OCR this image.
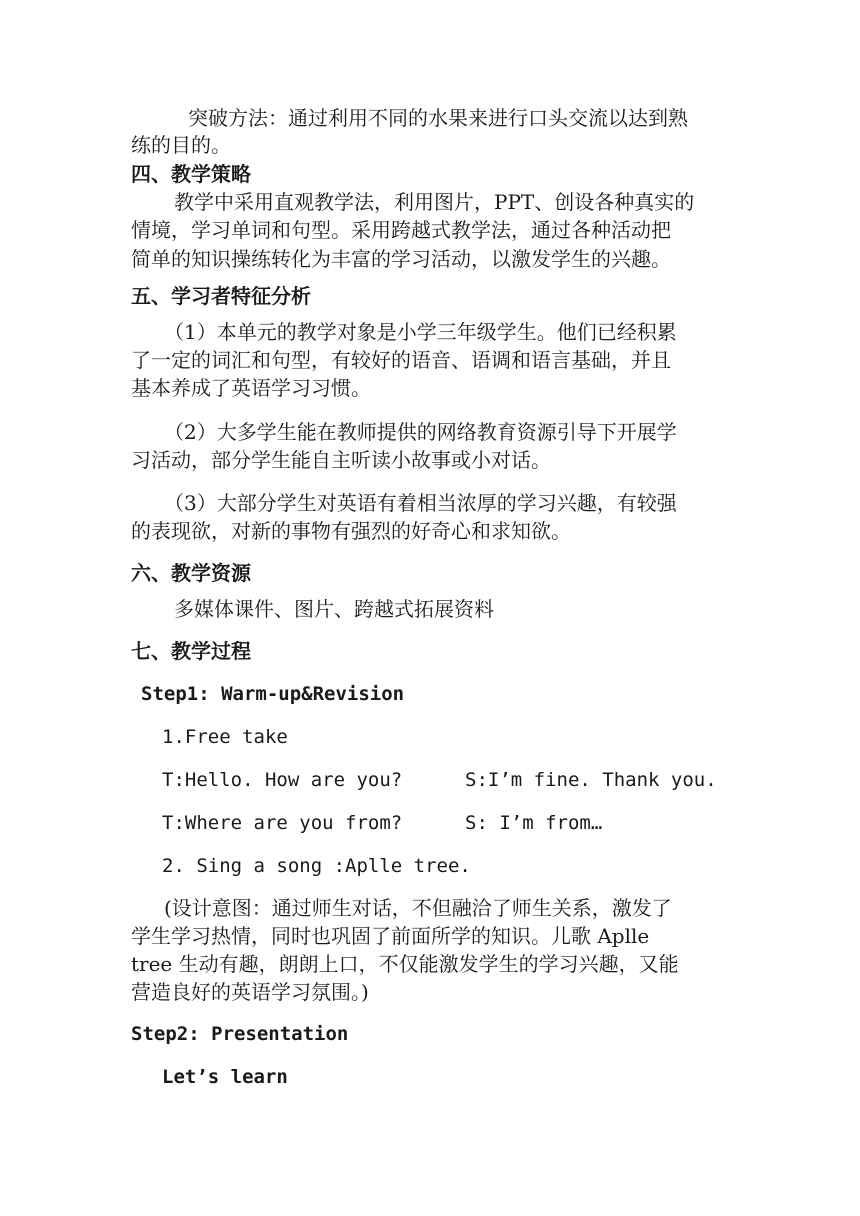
突破方法：通过利用不同的水果来进行口头交流以达到熟
练的目的。
四、教学策略
教学中采用直观教学法，利用图片，PPT、创设各种真实的
情境，学习单词和句型。采用跨越式教学法，通过各种活动把
简单的知识操练转化为丰富的学习活动，以激发学生的兴趣。
五、学习者特征分析
（1）本单元的教学对象是小学三年级学生。他们已经积累
了一定的词汇和句型，有较好的语音、语调和语言基础，并且
基本养成了英语学习习惯。
（2）大多学生能在教师提供的网络教育资源引导下开展学
习活动，部分学生能自主听读小故事或小对话。
（3）大部分学生对英语有着相当浓厚的学习兴趣，有较强
的表现欲，对新的事物有强烈的好奇心和求知欲。
六、教学资源
多媒体课件、图片、跨越式拓展资料
七、教学过程
Step1: Warm-up&Revision
1.Free take
T:Hello. How are you?	S:I’m fine. Thank you.
T:Where are you from?	S: I’m from…
2. Sing a song :Aplle tree.
(设计意图：通过师生对话，不但融洽了师生关系，激发了
学生学习热情，同时也巩固了前面所学的知识。儿歌 Aplle
tree 生动有趣，朗朗上口，不仅能激发学生的学习兴趣，又能
营造良好的英语学习氛围。)
Step2: Presentation
Let’s learn
